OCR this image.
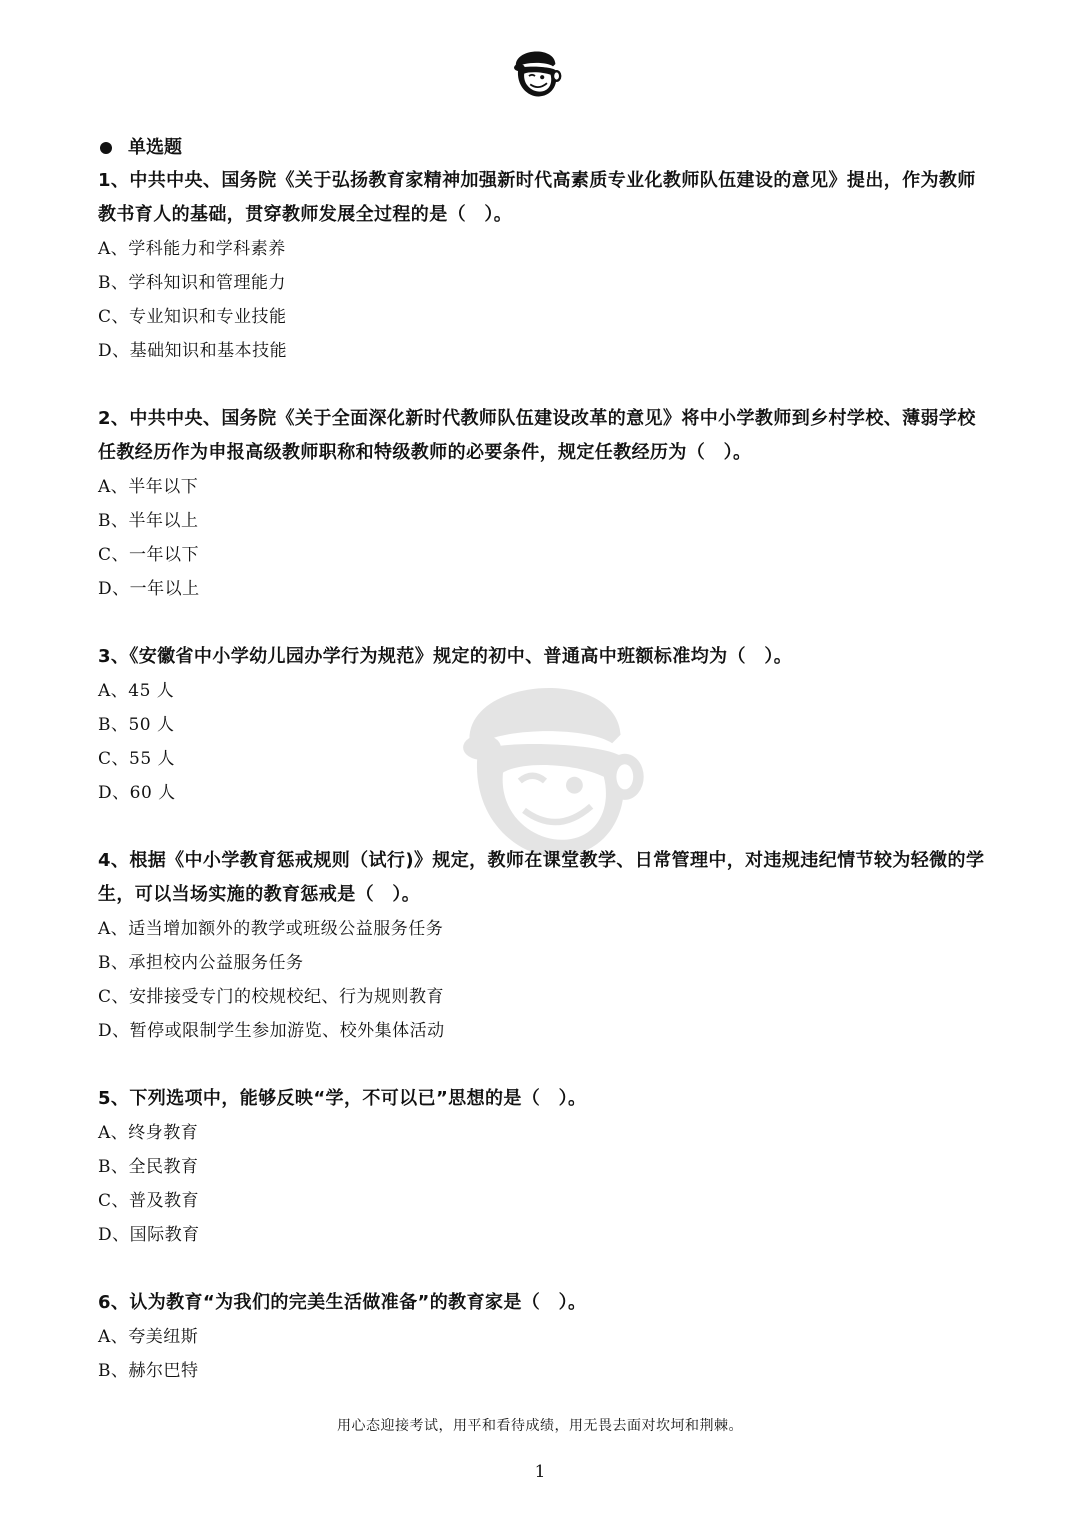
单选题
1、中共中央、国务院《关于弘扬教育家精神加强新时代高素质专业化教师队伍建设的意见》提出，作为教师教书育人的基础，贯穿教师发展全过程的是（　）。
A、学科能力和学科素养
B、学科知识和管理能力
C、专业知识和专业技能
D、基础知识和基本技能
2、中共中央、国务院《关于全面深化新时代教师队伍建设改革的意见》将中小学教师到乡村学校、薄弱学校任教经历作为申报高级教师职称和特级教师的必要条件，规定任教经历为（　）。
A、半年以下
B、半年以上
C、一年以下
D、一年以上
3、《安徽省中小学幼儿园办学行为规范》规定的初中、普通高中班额标准均为（　）。
A、45 人
B、50 人
C、55 人
D、60 人
4、根据《中小学教育惩戒规则（试行)》规定，教师在课堂教学、日常管理中，对违规违纪情节较为轻微的学生，可以当场实施的教育惩戒是（　）。
A、适当增加额外的教学或班级公益服务任务
B、承担校内公益服务任务
C、安排接受专门的校规校纪、行为规则教育
D、暂停或限制学生参加游览、校外集体活动
5、下列选项中，能够反映“学，不可以已”思想的是（　）。
A、终身教育
B、全民教育
C、普及教育
D、国际教育
6、认为教育“为我们的完美生活做准备”的教育家是（　）。
A、夸美纽斯
B、赫尔巴特
用心态迎接考试，用平和看待成绩，用无畏去面对坎坷和荆棘。
1
